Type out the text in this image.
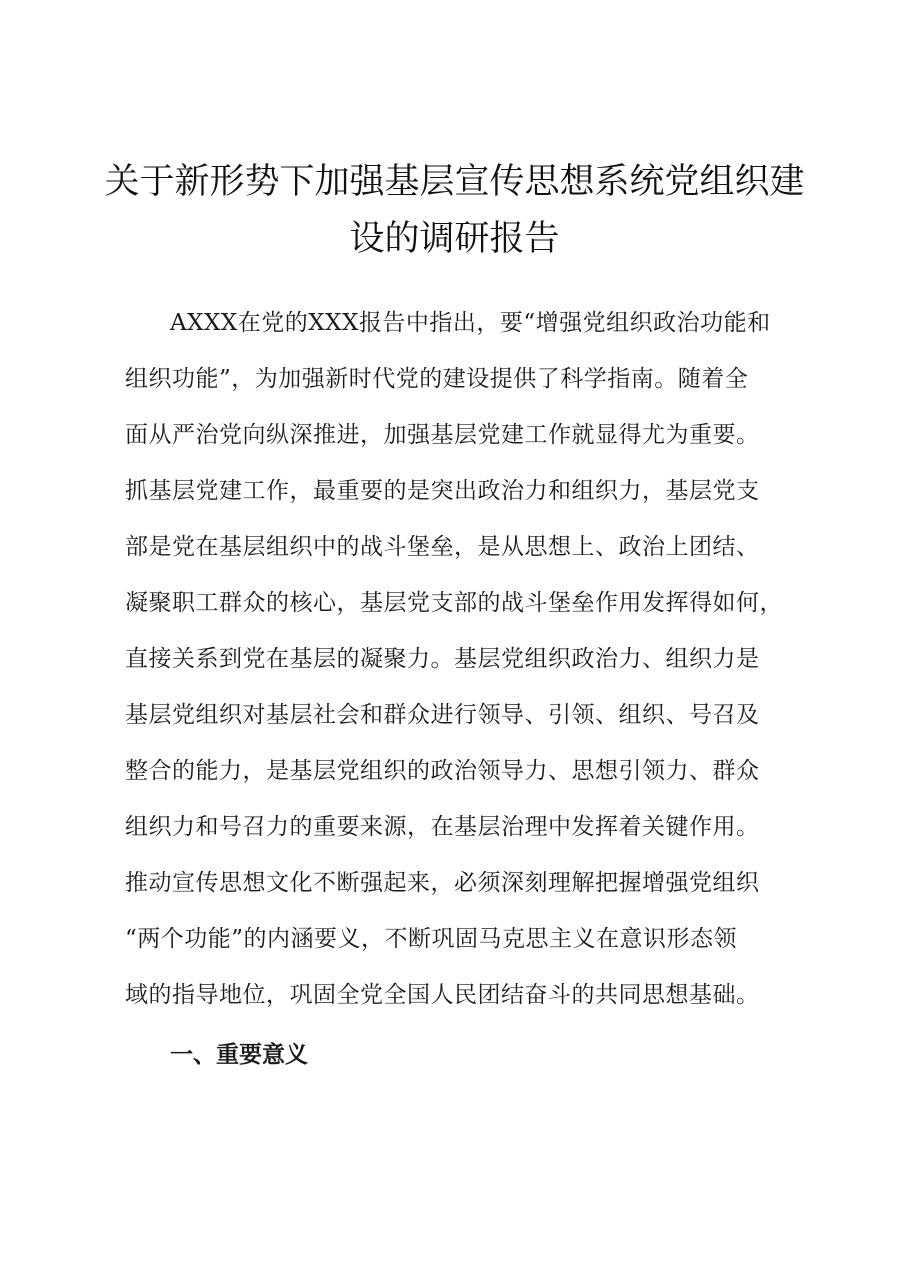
关于新形势下加强基层宣传思想系统党组织建
设的调研报告
AXXX在党的XXX报告中指出，要“增强党组织政治功能和
组织功能”，为加强新时代党的建设提供了科学指南。随着全
面从严治党向纵深推进，加强基层党建工作就显得尤为重要。
抓基层党建工作，最重要的是突出政治力和组织力，基层党支
部是党在基层组织中的战斗堡垒，是从思想上、政治上团结、
凝聚职工群众的核心，基层党支部的战斗堡垒作用发挥得如何，
直接关系到党在基层的凝聚力。基层党组织政治力、组织力是
基层党组织对基层社会和群众进行领导、引领、组织、号召及
整合的能力，是基层党组织的政治领导力、思想引领力、群众
组织力和号召力的重要来源，在基层治理中发挥着关键作用。
推动宣传思想文化不断强起来，必须深刻理解把握增强党组织
“两个功能”的内涵要义，不断巩固马克思主义在意识形态领
域的指导地位，巩固全党全国人民团结奋斗的共同思想基础。
一、重要意义
